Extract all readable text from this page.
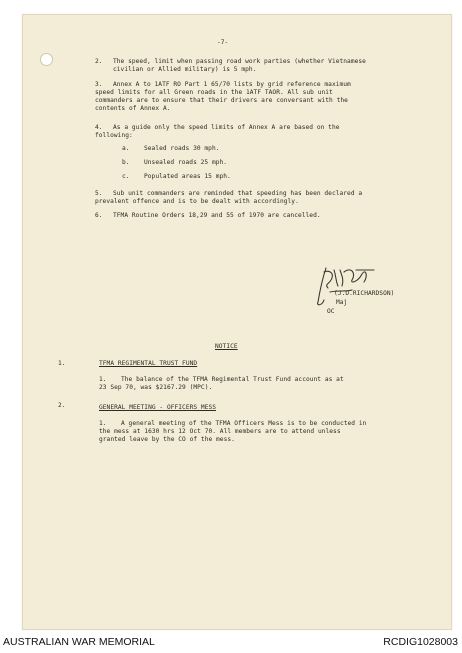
-7-
2. The speed, limit when passing road work parties (whether Vietnamese
civilian or Allied military) is 5 mph.
3. Annex A to 1ATF RO Part 1 65/70 lists by grid reference maximum
speed limits for all Green roads in the 1ATF TAOR. All sub unit
commanders are to ensure that their drivers are conversant with the
contents of Annex A.
4. As a guide only the speed limits of Annex A are based on the
following:
a. Sealed roads 30 mph.
b. Unsealed roads 25 mph.
c. Populated areas 15 mph.
5. Sub unit commanders are reminded that speeding has been declared a
prevalent offence and is to be dealt with accordingly.
6. TFMA Routine Orders 18,29 and 55 of 1970 are cancelled.
(J.D.RICHARDSON)
Maj
OC
NOTICE
1.	TFMA REGIMENTAL TRUST FUND
1. The balance of the TFMA Regimental Trust Fund account as at
23 Sep 70, was $2167.29 (MPC).
2.	GENERAL MEETING - OFFICERS MESS
1. A general meeting of the TFMA Officers Mess is to be conducted in
the mess at 1630 hrs 12 Oct 70. All members are to attend unless
granted leave by the CO of the mess.
AUSTRALIAN WAR MEMORIAL	RCDIG1028003
